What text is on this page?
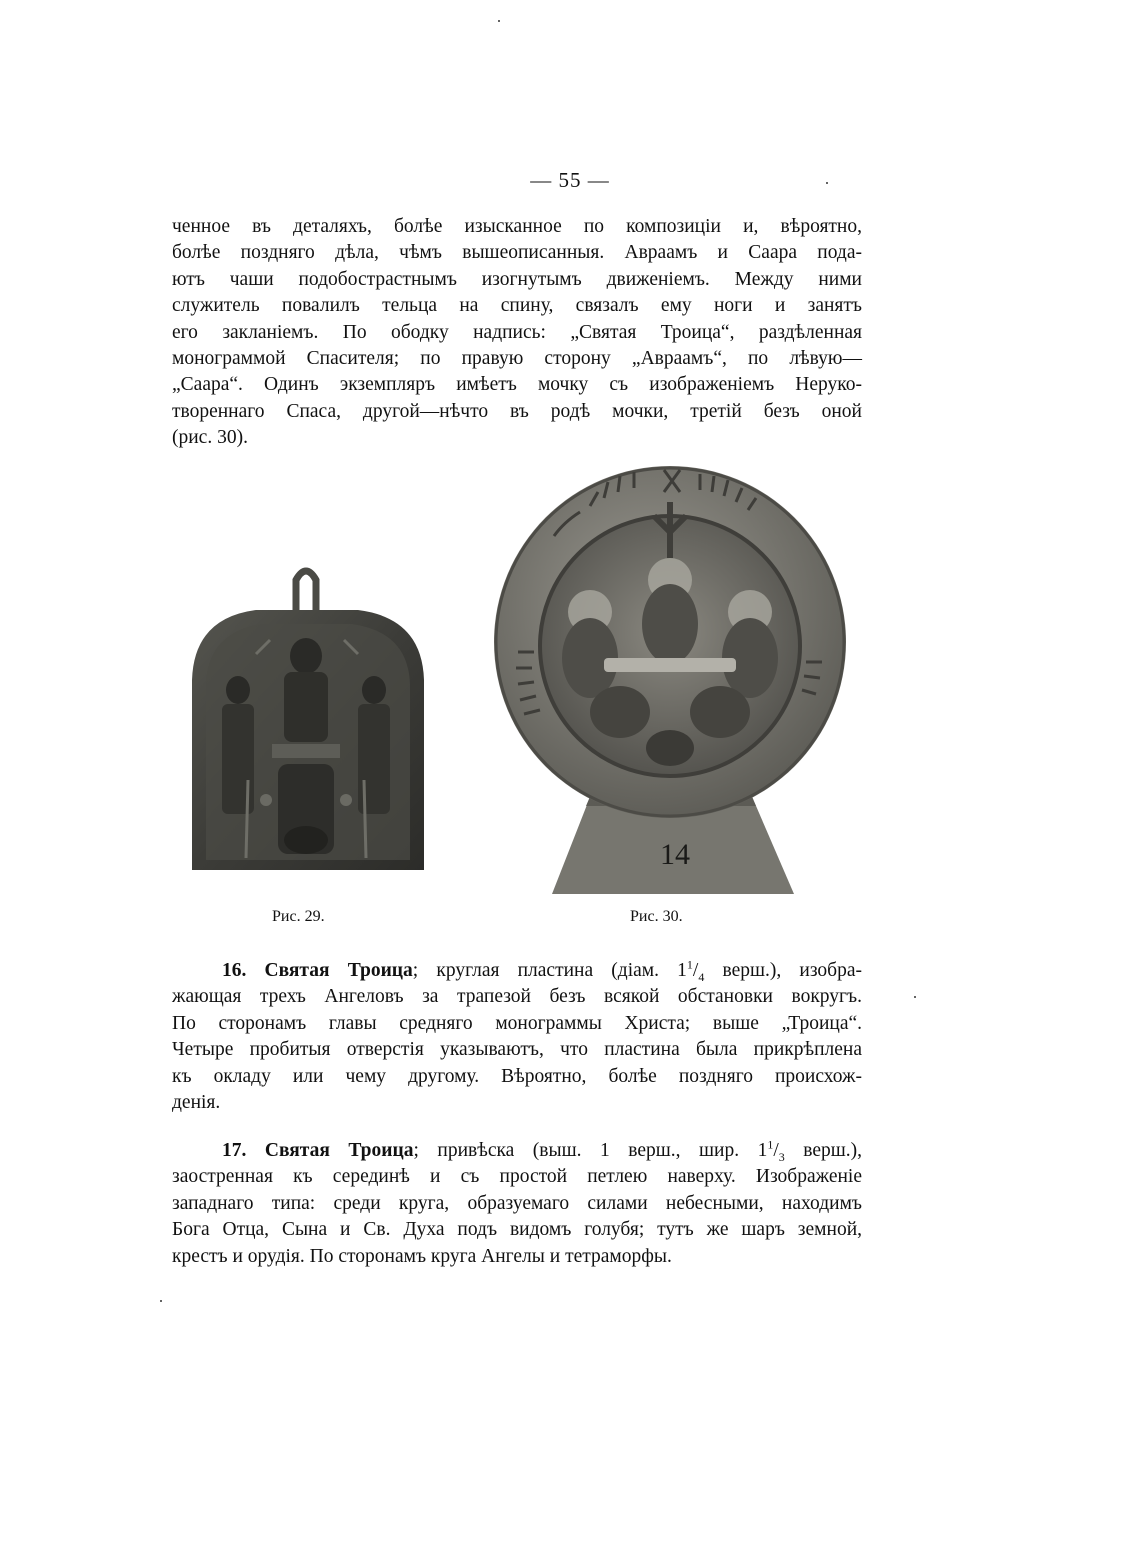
— 55 —
ченное въ деталяхъ, болѣе изысканное по композиціи и, вѣроятно,
болѣе поздняго дѣла, чѣмъ вышеописанныя. Авраамъ и Саара пода-
ютъ чаши подобострастнымъ изогнутымъ движеніемъ. Между ними
служитель повалилъ тельца на спину, связалъ ему ноги и занятъ
его закланіемъ. По ободку надпись: „Святая Троица“, раздѣленная
монограммой Спасителя; по правую сторону „Авраамъ“, по лѣвую—
„Саара“. Одинъ экземпляръ имѣетъ мочку съ изображеніемъ Неруко-
твореннаго Спаса, другой—нѣчто въ родѣ мочки, третій безъ оной
(рис. 30).
14
Рис. 29.	Рис. 30.
16. Святая Троица; круглая пластина (діам. $1^1/_4$ верш.), изобра-
жающая трехъ Ангеловъ за трапезой безъ всякой обстановки вокругъ.
По сторонамъ главы средняго монограммы Христа; выше „Троица“.
Четыре пробитыя отверстія указываютъ, что пластина была прикрѣплена
къ окладу или чему другому. Вѣроятно, болѣе поздняго происхож-
денія.
17. Святая Троица; привѣска (выш. 1 верш., шир. $1^1/_3$ верш.),
заостренная къ серединѣ и съ простой петлею наверху. Изображеніе
западнаго типа: среди круга, образуемаго силами небесными, находимъ
Бога Отца, Сына и Св. Духа подъ видомъ голубя; тутъ же шаръ земной,
крестъ и орудія. По сторонамъ круга Ангелы и тетраморфы.
